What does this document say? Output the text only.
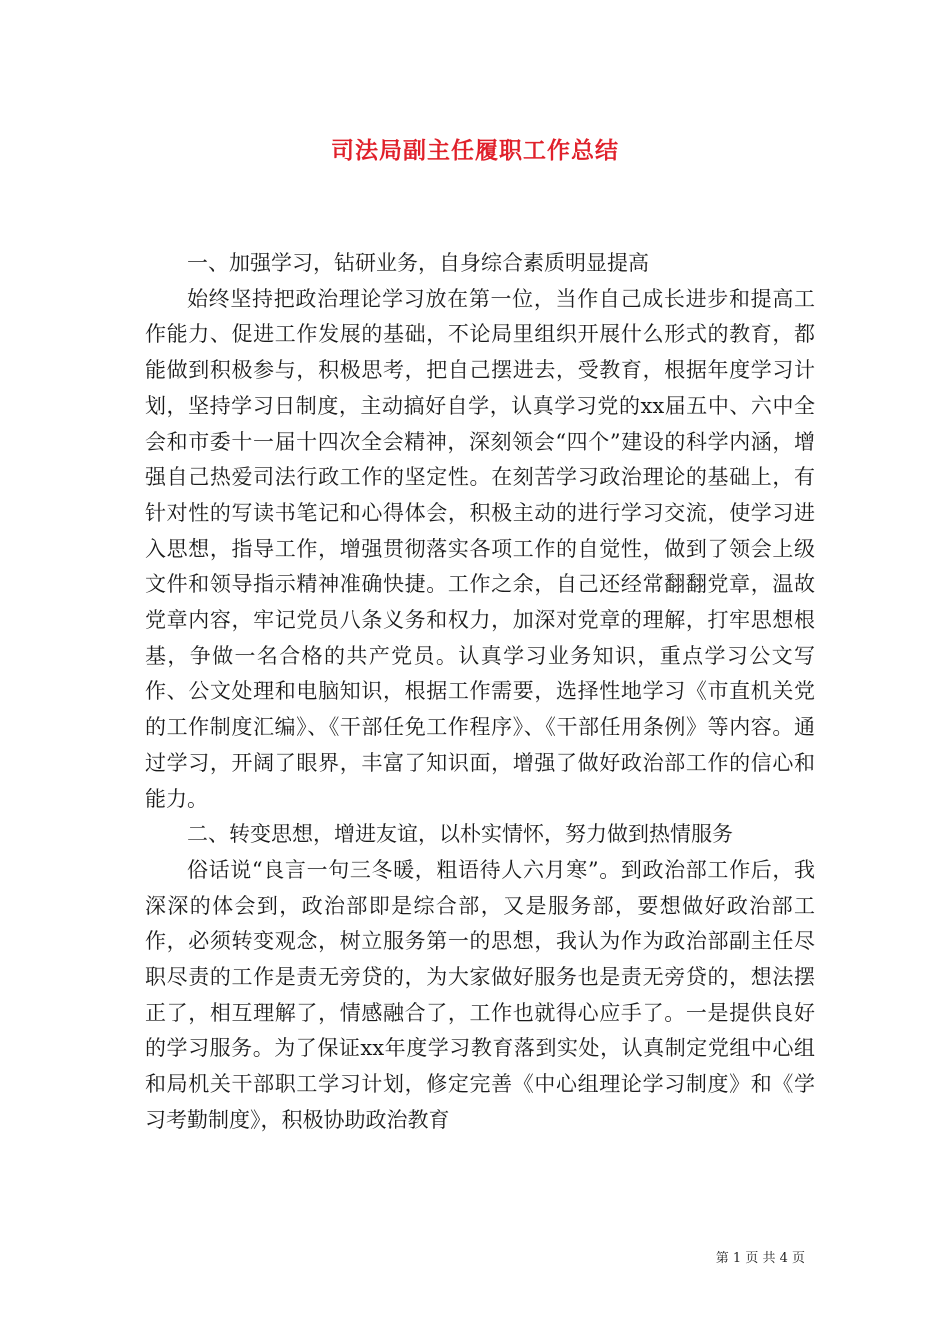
司法局副主任履职工作总结

一、加强学习，钻研业务，自身综合素质明显提高

始终坚持把政治理论学习放在第一位，当作自己成长进步和提高工作能力、促进工作发展的基础，不论局里组织开展什么形式的教育，都能做到积极参与，积极思考，把自己摆进去，受教育，根据年度学习计划，坚持学习日制度，主动搞好自学，认真学习党的xx届五中、六中全会和市委十一届十四次全会精神，深刻领会“四个”建设的科学内涵，增强自己热爱司法行政工作的坚定性。在刻苦学习政治理论的基础上，有针对性的写读书笔记和心得体会，积极主动的进行学习交流，使学习进入思想，指导工作，增强贯彻落实各项工作的自觉性，做到了领会上级文件和领导指示精神准确快捷。工作之余，自己还经常翻翻党章，温故党章内容，牢记党员八条义务和权力，加深对党章的理解，打牢思想根基，争做一名合格的共产党员。认真学习业务知识，重点学习公文写作、公文处理和电脑知识，根据工作需要，选择性地学习《市直机关党的工作制度汇编》、《干部任免工作程序》、《干部任用条例》等内容。通过学习，开阔了眼界，丰富了知识面，增强了做好政治部工作的信心和能力。

二、转变思想，增进友谊，以朴实情怀，努力做到热情服务

俗话说“良言一句三冬暖，粗语待人六月寒”。到政治部工作后，我深深的体会到，政治部即是综合部，又是服务部，要想做好政治部工作，必须转变观念，树立服务第一的思想，我认为作为政治部副主任尽职尽责的工作是责无旁贷的，为大家做好服务也是责无旁贷的，想法摆正了，相互理解了，情感融合了，工作也就得心应手了。一是提供良好的学习服务。为了保证xx年度学习教育落到实处，认真制定党组中心组和局机关干部职工学习计划，修定完善《中心组理论学习制度》和《学习考勤制度》，积极协助政治教育

第 1 页 共 4 页
